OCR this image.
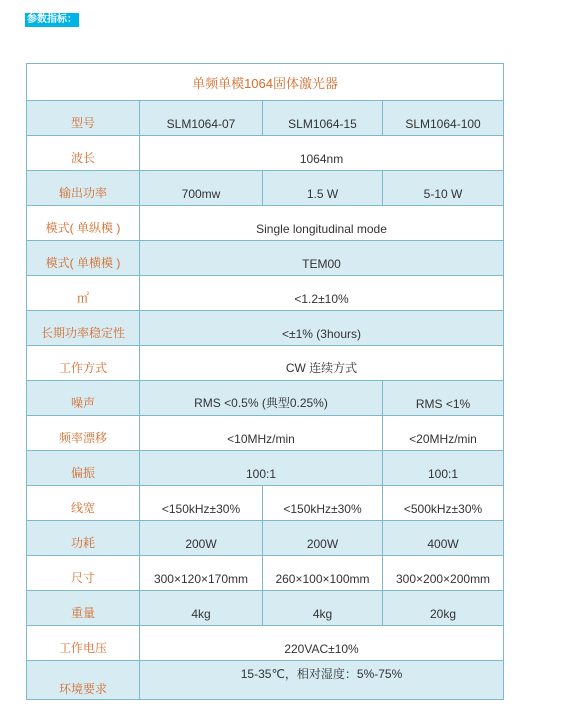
参数指标：
单频单模1064固体激光器			
型号	SLM1064-07	SLM1064-15	SLM1064-100
波长	1064nm		
输出功率	700mw	1.5 W	5-10 W
模式( 单纵模 )	Single longitudinal mode		
模式( 单横模 )	TEM00		
㎡	<1.2±10%		
长期功率稳定性	<±1% (3hours)		
工作方式	CW 连续方式		
噪声	RMS <0.5% (典型0.25%)		RMS <1%
频率漂移	<10MHz/min		<20MHz/min
偏振	100:1		100:1
线宽	<150kHz±30%	<150kHz±30%	<500kHz±30%
功耗	200W	200W	400W
尺寸	300×120×170mm	260×100×100mm	300×200×200mm
重量	4kg	4kg	20kg
工作电压	220VAC±10%		
环境要求	15-35℃，相对湿度：5%-75%		
